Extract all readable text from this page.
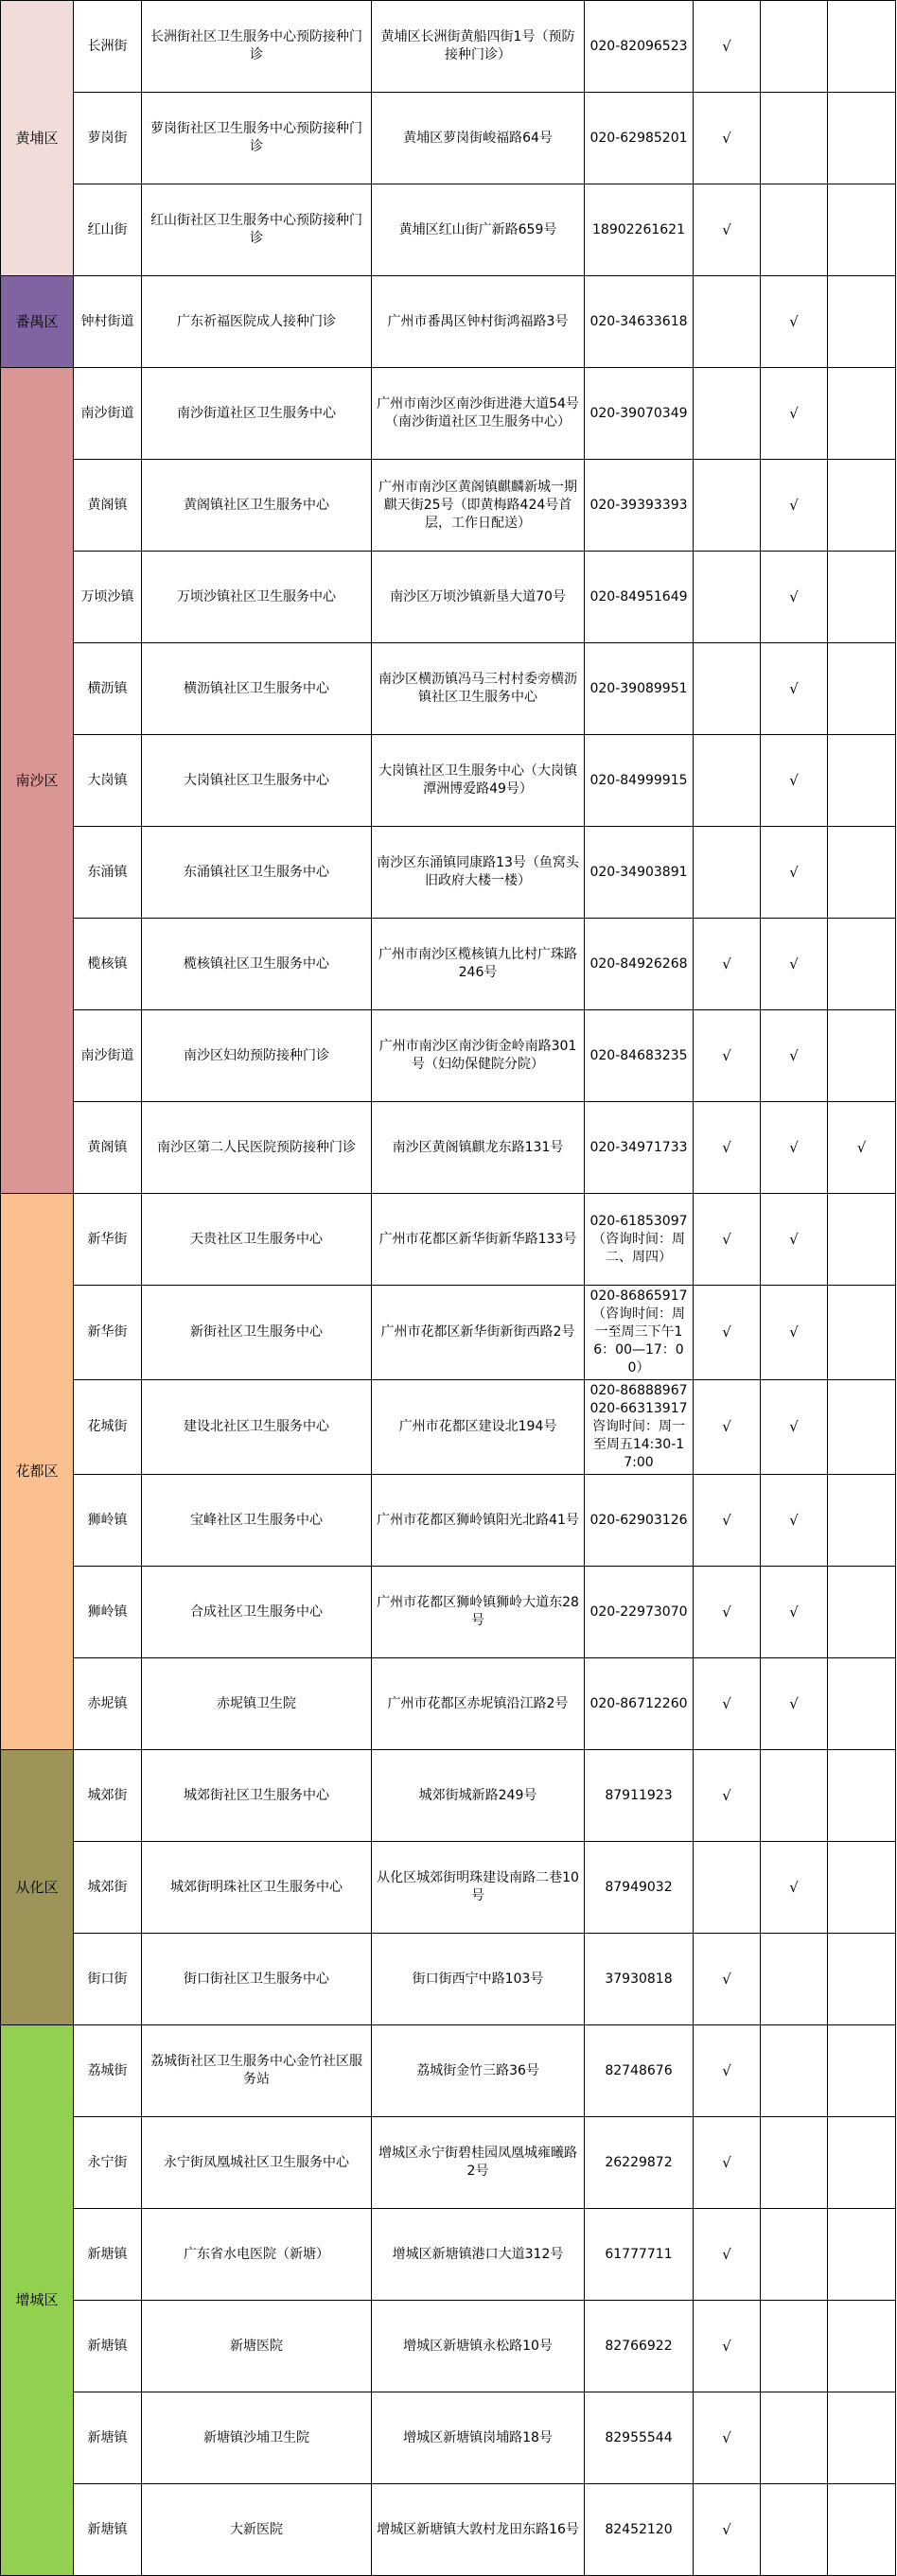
黄埔区	长洲街	长洲街社区卫生服务中心预防接种门诊	黄埔区长洲街黄船四街1号（预防接种门诊）	020-82096523	√		
	萝岗街	萝岗街社区卫生服务中心预防接种门诊	黄埔区萝岗街峻福路64号	020-62985201	√		
	红山街	红山街社区卫生服务中心预防接种门诊	黄埔区红山街广新路659号	18902261621	√		
番禺区	钟村街道	广东祈福医院成人接种门诊	广州市番禺区钟村街鸿福路3号	020-34633618		√	
南沙区	南沙街道	南沙街道社区卫生服务中心	广州市南沙区南沙街进港大道54号（南沙街道社区卫生服务中心）	020-39070349		√	
	黄阁镇	黄阁镇社区卫生服务中心	广州市南沙区黄阁镇麒麟新城一期麒天街25号（即黄梅路424号首层，工作日配送）	020-39393393		√	
	万顷沙镇	万顷沙镇社区卫生服务中心	南沙区万顷沙镇新垦大道70号	020-84951649		√	
	横沥镇	横沥镇社区卫生服务中心	南沙区横沥镇冯马三村村委旁横沥镇社区卫生服务中心	020-39089951		√	
	大岗镇	大岗镇社区卫生服务中心	大岗镇社区卫生服务中心（大岗镇潭洲博爱路49号）	020-84999915		√	
	东涌镇	东涌镇社区卫生服务中心	南沙区东涌镇同康路13号（鱼窝头旧政府大楼一楼）	020-34903891		√	
	榄核镇	榄核镇社区卫生服务中心	广州市南沙区榄核镇九比村广珠路246号	020-84926268	√	√	
	南沙街道	南沙区妇幼预防接种门诊	广州市南沙区南沙街金岭南路301号（妇幼保健院分院）	020-84683235	√	√	
	黄阁镇	南沙区第二人民医院预防接种门诊	南沙区黄阁镇麒龙东路131号	020-34971733	√	√	√
花都区	新华街	天贵社区卫生服务中心	广州市花都区新华街新华路133号	020-61853097（咨询时间：周二、周四）	√	√	
	新华街	新街社区卫生服务中心	广州市花都区新华街新街西路2号	020-86865917（咨询时间：周一至周三下午16：00—17：00）	√	√	
	花城街	建设北社区卫生服务中心	广州市花都区建设北194号	020-86888967 020-66313917咨询时间：周一至周五14:30-17:00	√	√	
	狮岭镇	宝峰社区卫生服务中心	广州市花都区狮岭镇阳光北路41号	020-62903126	√	√	
	狮岭镇	合成社区卫生服务中心	广州市花都区狮岭镇狮岭大道东28号	020-22973070	√	√	
	赤坭镇	赤坭镇卫生院	广州市花都区赤坭镇沿江路2号	020-86712260	√	√	
从化区	城郊街	城郊街社区卫生服务中心	城郊街城新路249号	87911923	√		
	城郊街	城郊街明珠社区卫生服务中心	从化区城郊街明珠建设南路二巷10号	87949032		√	
	街口街	街口街社区卫生服务中心	街口街西宁中路103号	37930818	√		
增城区	荔城街	荔城街社区卫生服务中心金竹社区服务站	荔城街金竹三路36号	82748676	√		
	永宁街	永宁街凤凰城社区卫生服务中心	增城区永宁街碧桂园凤凰城雍曦路2号	26229872	√		
	新塘镇	广东省水电医院（新塘）	增城区新塘镇港口大道312号	61777711	√		
	新塘镇	新塘医院	增城区新塘镇永松路10号	82766922	√		
	新塘镇	新塘镇沙埔卫生院	增城区新塘镇岗埔路18号	82955544	√		
	新塘镇	大新医院	增城区新塘镇大敦村龙田东路16号	82452120	√		
